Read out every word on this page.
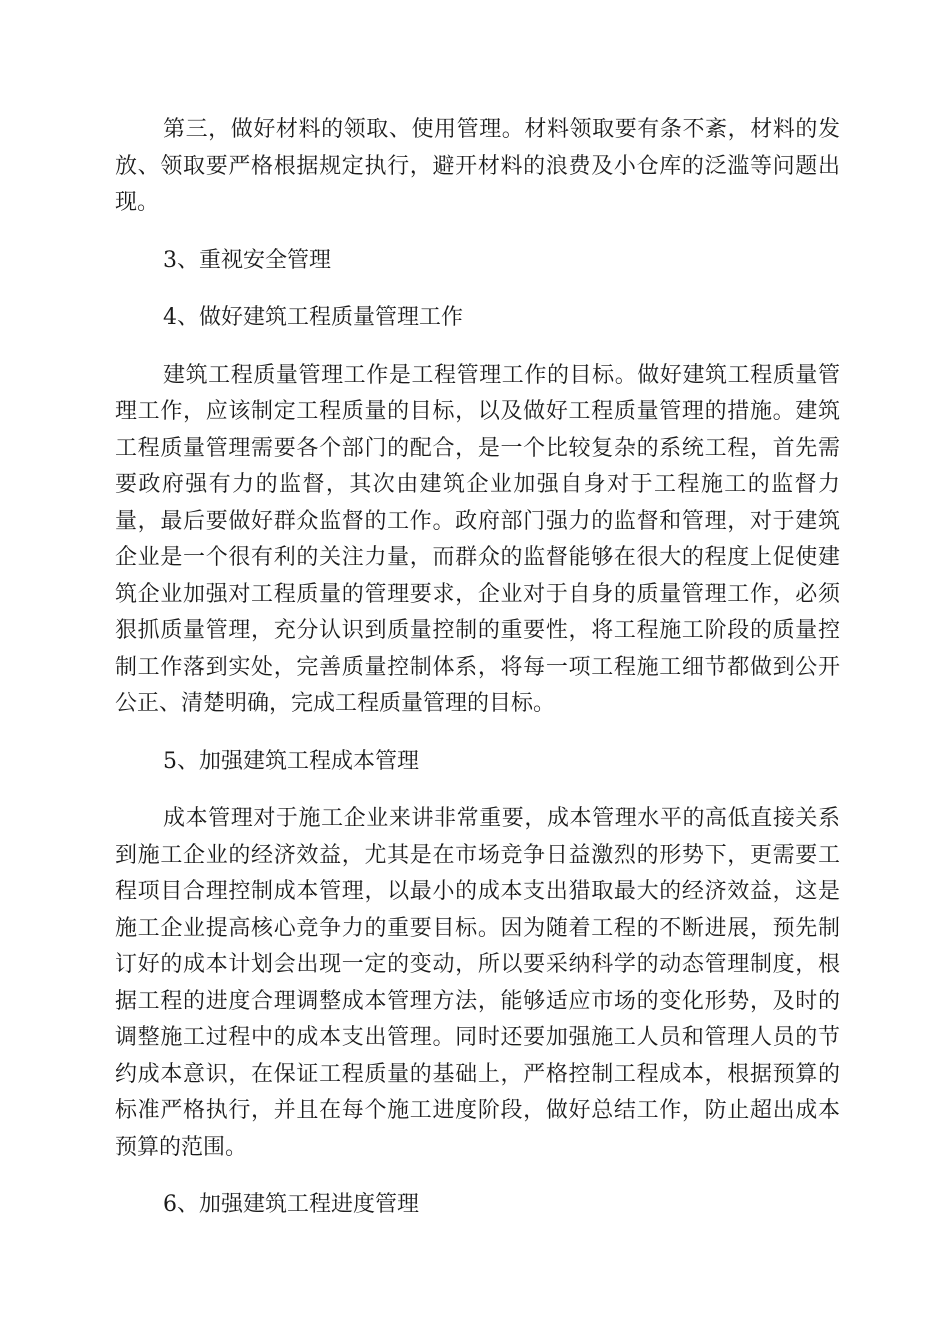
第三，做好材料的领取、使用管理。材料领取要有条不紊，材料的发放、领取要严格根据规定执行，避开材料的浪费及小仓库的泛滥等问题出现。

3、重视安全管理

4、做好建筑工程质量管理工作

建筑工程质量管理工作是工程管理工作的目标。做好建筑工程质量管理工作，应该制定工程质量的目标，以及做好工程质量管理的措施。建筑工程质量管理需要各个部门的配合，是一个比较复杂的系统工程，首先需要政府强有力的监督，其次由建筑企业加强自身对于工程施工的监督力量，最后要做好群众监督的工作。政府部门强力的监督和管理，对于建筑企业是一个很有利的关注力量，而群众的监督能够在很大的程度上促使建筑企业加强对工程质量的管理要求，企业对于自身的质量管理工作，必须狠抓质量管理，充分认识到质量控制的重要性，将工程施工阶段的质量控制工作落到实处，完善质量控制体系，将每一项工程施工细节都做到公开公正、清楚明确，完成工程质量管理的目标。

5、加强建筑工程成本管理

成本管理对于施工企业来讲非常重要，成本管理水平的高低直接关系到施工企业的经济效益，尤其是在市场竞争日益激烈的形势下，更需要工程项目合理控制成本管理，以最小的成本支出猎取最大的经济效益，这是施工企业提高核心竞争力的重要目标。因为随着工程的不断进展，预先制订好的成本计划会出现一定的变动，所以要采纳科学的动态管理制度，根据工程的进度合理调整成本管理方法，能够适应市场的变化形势，及时的调整施工过程中的成本支出管理。同时还要加强施工人员和管理人员的节约成本意识，在保证工程质量的基础上，严格控制工程成本，根据预算的标准严格执行，并且在每个施工进度阶段，做好总结工作，防止超出成本预算的范围。

6、加强建筑工程进度管理
